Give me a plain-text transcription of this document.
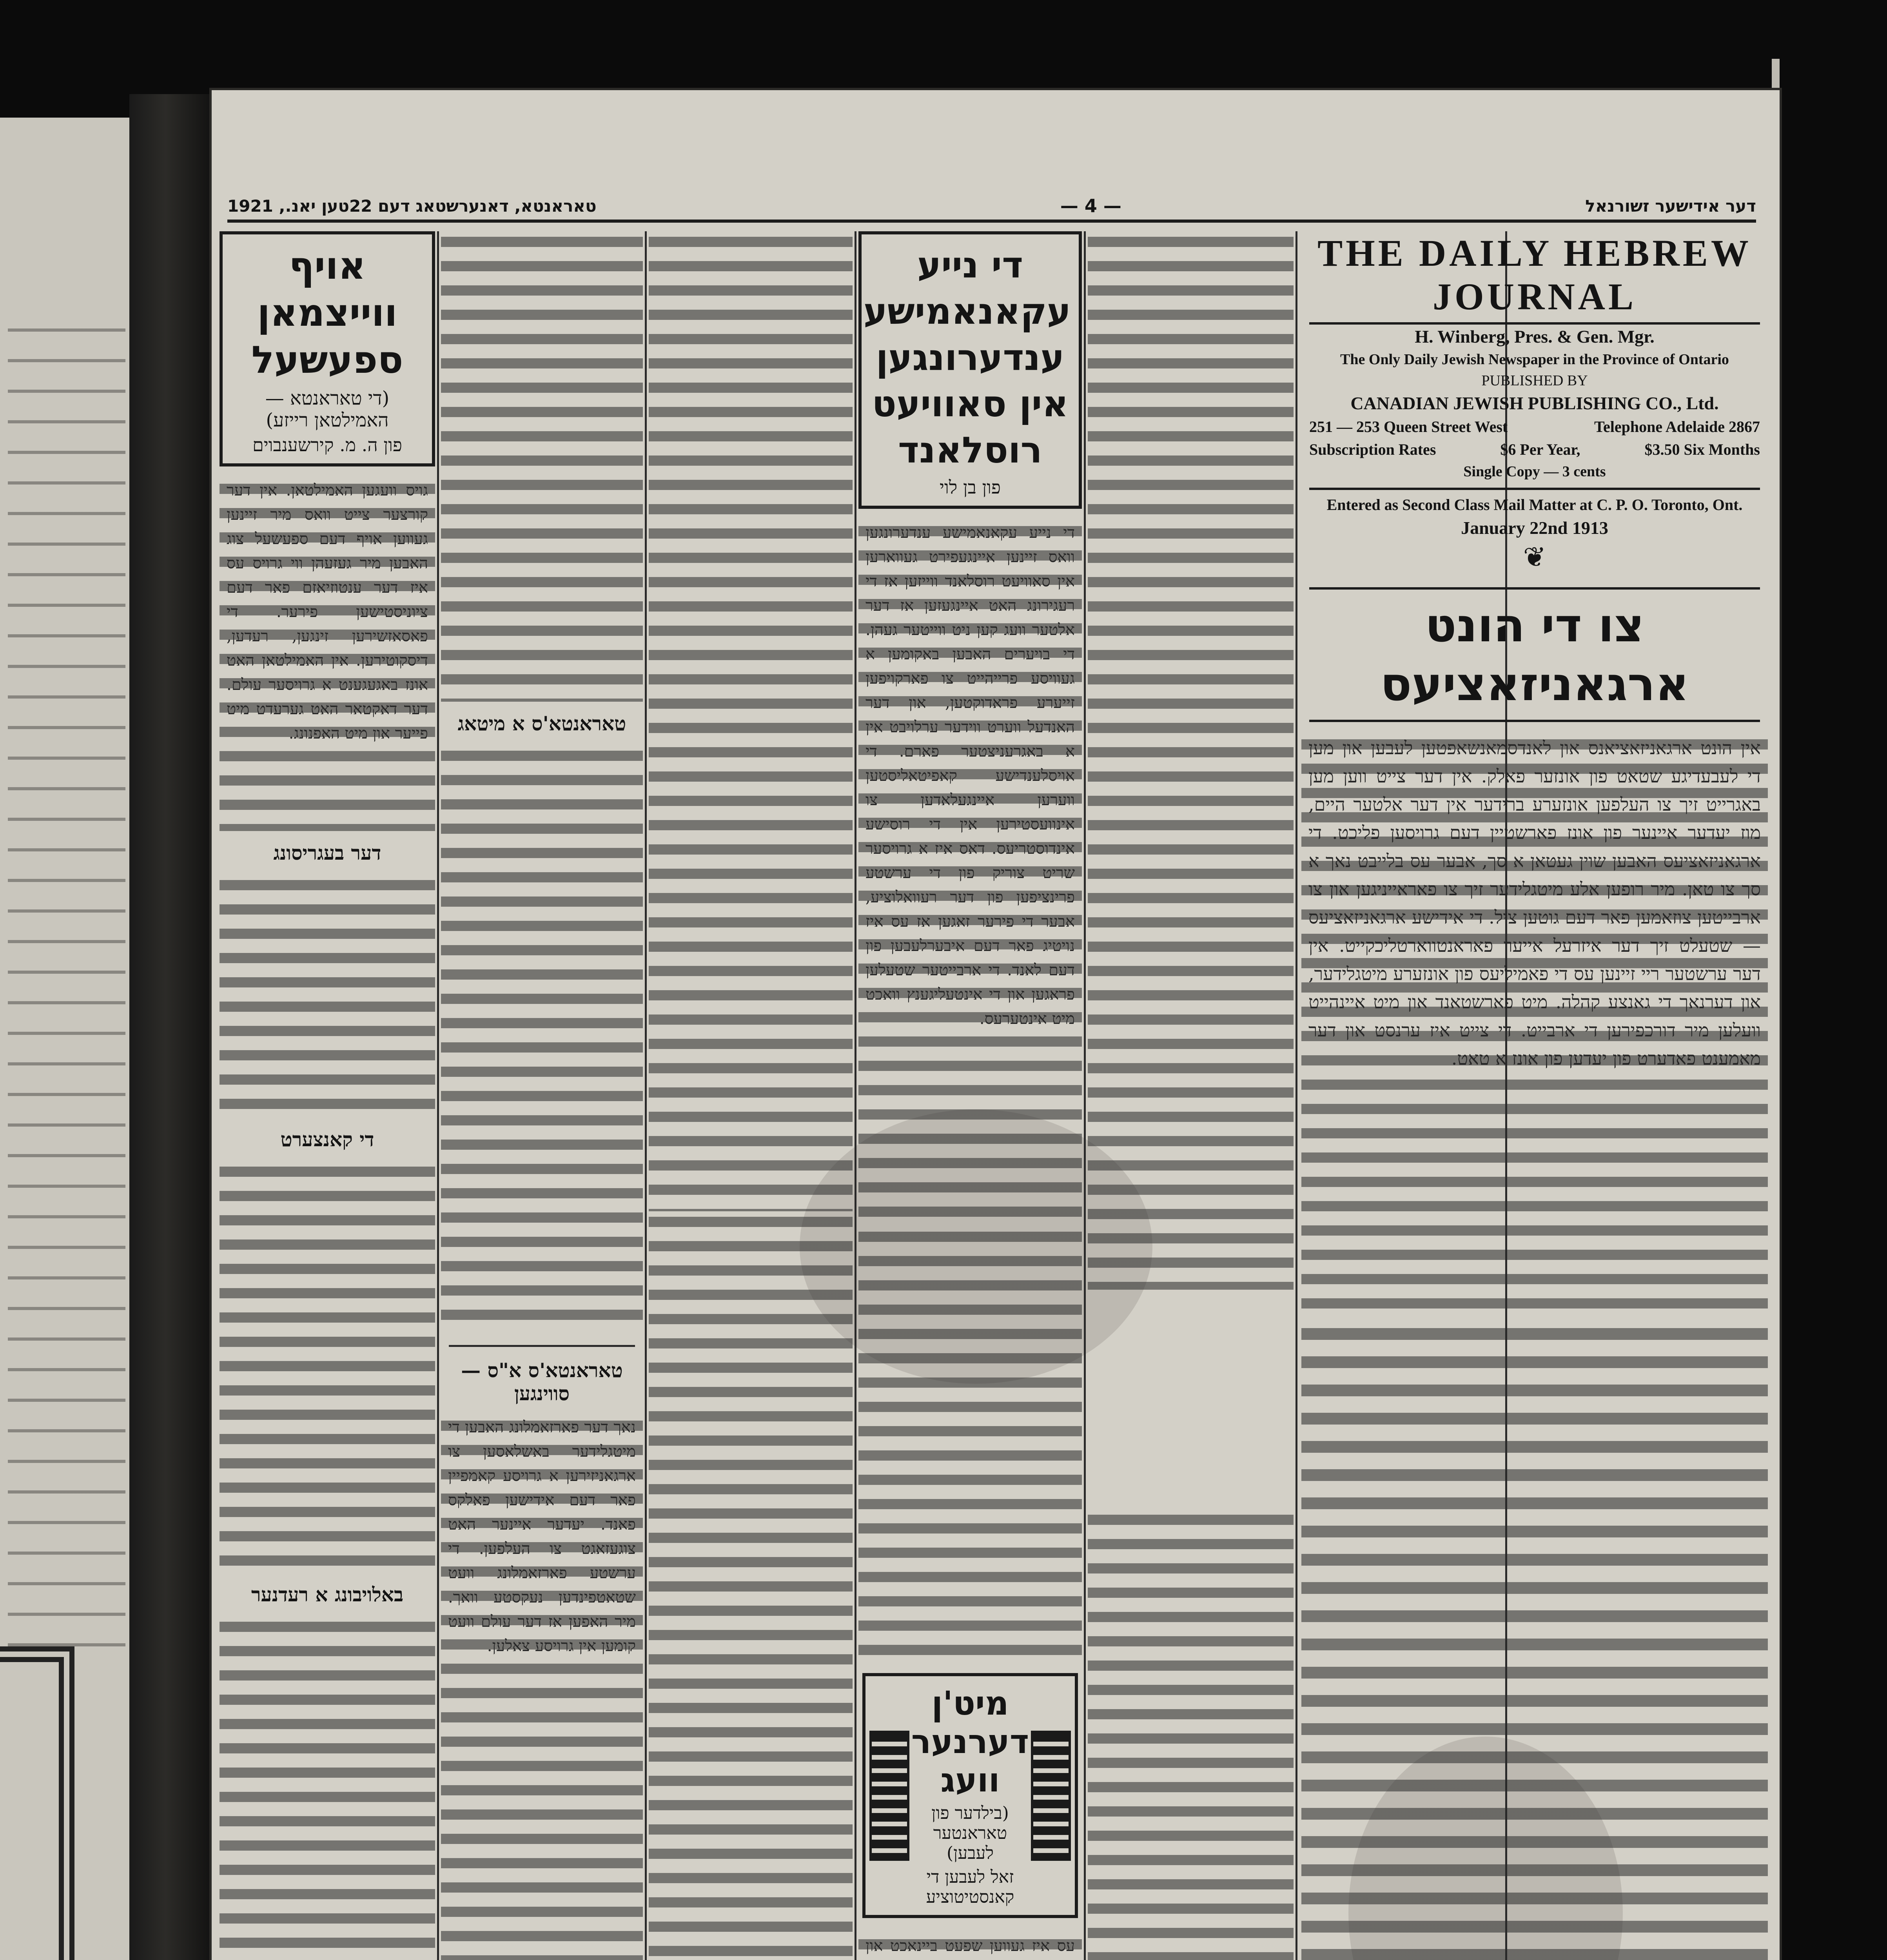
טאראנטא, דאנערשטאג דעם 22טען יאנ., 1921	— 4 —	דער אידישער זשורנאל
אויף ווייצמאן ספעשעל
(די טאראנטא — האמילטאן רייזע)
פון ה. מ. קירשענבוים

גויס וועגען האמילטאן. אין דער קורצער צייט וואס מיר זיינען געווען אויף דעם ספעשעל צוג האבען מיר געזעהן ווי גרויס עס איז דער ענטוזיאזם פאר דעם ציוניסטישען פירער. די פאסאזשירען זינגען, רעדען, דיסקוטירען. אין האמילטאן האט אונז באגעגענט א גרויסער עולם. דער דאקטאר האט גערעדט מיט פייער און מיט האפנונג.

דער בעגריסונג
די קאנצערט
באלויבונג א רעדנער

טאראנטא'ס א מיטאג
טאראנטא'ס א"ס — סווינגען

נאך דער פארזאמלונג האבען די מיטגלידער באשלאסען צו ארגאניזירען א גרויסע קאמפיין פאר דעם אידישען פאלקס פאנד. יעדער איינער האט צוגעזאגט צו העלפען. די ערשטע פארזאמלונג וועט שטאטפינדען נעקסטע וואך. מיר האפען אז דער עולם וועט קומען אין גרויסע צאלען.

די נייע עקאנאמישע ענדערונגען אין סאוויעט רוסלאנד
פון בן לוי

די נייע עקאנאמישע ענדערונגען וואס זיינען איינגעפירט געווארען אין סאוויעט רוסלאנד ווייזען אז די רעגירונג האט איינגעזען אז דער אלטער וועג קען ניט ווייטער געהן. די בויערים האבען באקומען א געוויסע פרייהייט צו פארקויפען זייערע פראדוקטען, און דער האנדעל ווערט ווידער ערלויבט אין א באגרעניצטער פארם. די אויסלענדישע קאפיטאליסטען ווערען איינגעלאדען צו אינוועסטירען אין די רוסישע אינדוסטריעס. דאס איז א גרויסער שריט צוריק פון די ערשטע פרינציפען פון דער רעוואלוציע, אבער די פירער זאגען אז עס איז נויטיג פאר דעם איבערלעבען פון דעם לאנד. די ארבייטער שטעלען פראגען און די אינטעליגענץ וואכט מיט אינטערעס.

מיט'ן דערנער וועג
(בילדער פון טאראנטער לעבען)
זאל לעבען די קאנסטיטוציע

עס איז געווען שפעט ביינאכט און

THE DAILY HEBREW JOURNAL
H. Winberg, Pres. & Gen. Mgr.
The Only Daily Jewish Newspaper in the Province of Ontario
PUBLISHED BY
CANADIAN JEWISH PUBLISHING CO., Ltd.
251 — 253 Queen Street West	Telephone Adelaide 2867
Subscription Rates	$6 Per Year,	$3.50 Six Months
Single Copy — 3 cents
Entered as Second Class Mail Matter at C. P. O. Toronto, Ont.
January 22nd 1913
❦
צו די הונט ארגאניזאציעס

אין הונט ארגאניזאציאנס און לאנדסמאנשאפטען לעבען און מען די לעבעדיגע שטאט פון אונזער פאלק. אין דער צייט ווען מען באגרייט זיך צו העלפען אונזערע ברידער אין דער אלטער היים, מוז יעדער איינער פון אונז פארשטיין דעם גרויסען פליכט. די ארגאניזאציעס האבען שוין געטאן א סך, אבער עס בלייבט נאך א סך צו טאן. מיר רופען אלע מיטגלידער זיך צו פאראייניגען און צו ארבייטען צוזאמען פאר דעם גוטען ציל. די אידישע ארגאניזאציעס — שטעלט זיך דער איזרעל אייער פאראנטווארטליכקייט. אין דער ערשטער ריי זיינען עס די פאמיליעס פון אונזערע מיטגלידער, און דערנאך די גאנצע קהלה. מיט פארשטאנד און מיט איינהייט וועלען מיר דורכפירען די ארבייט. די צייט איז ערנסט און דער מאמענט פאדערט פון יעדען פון אונז א טאט.
